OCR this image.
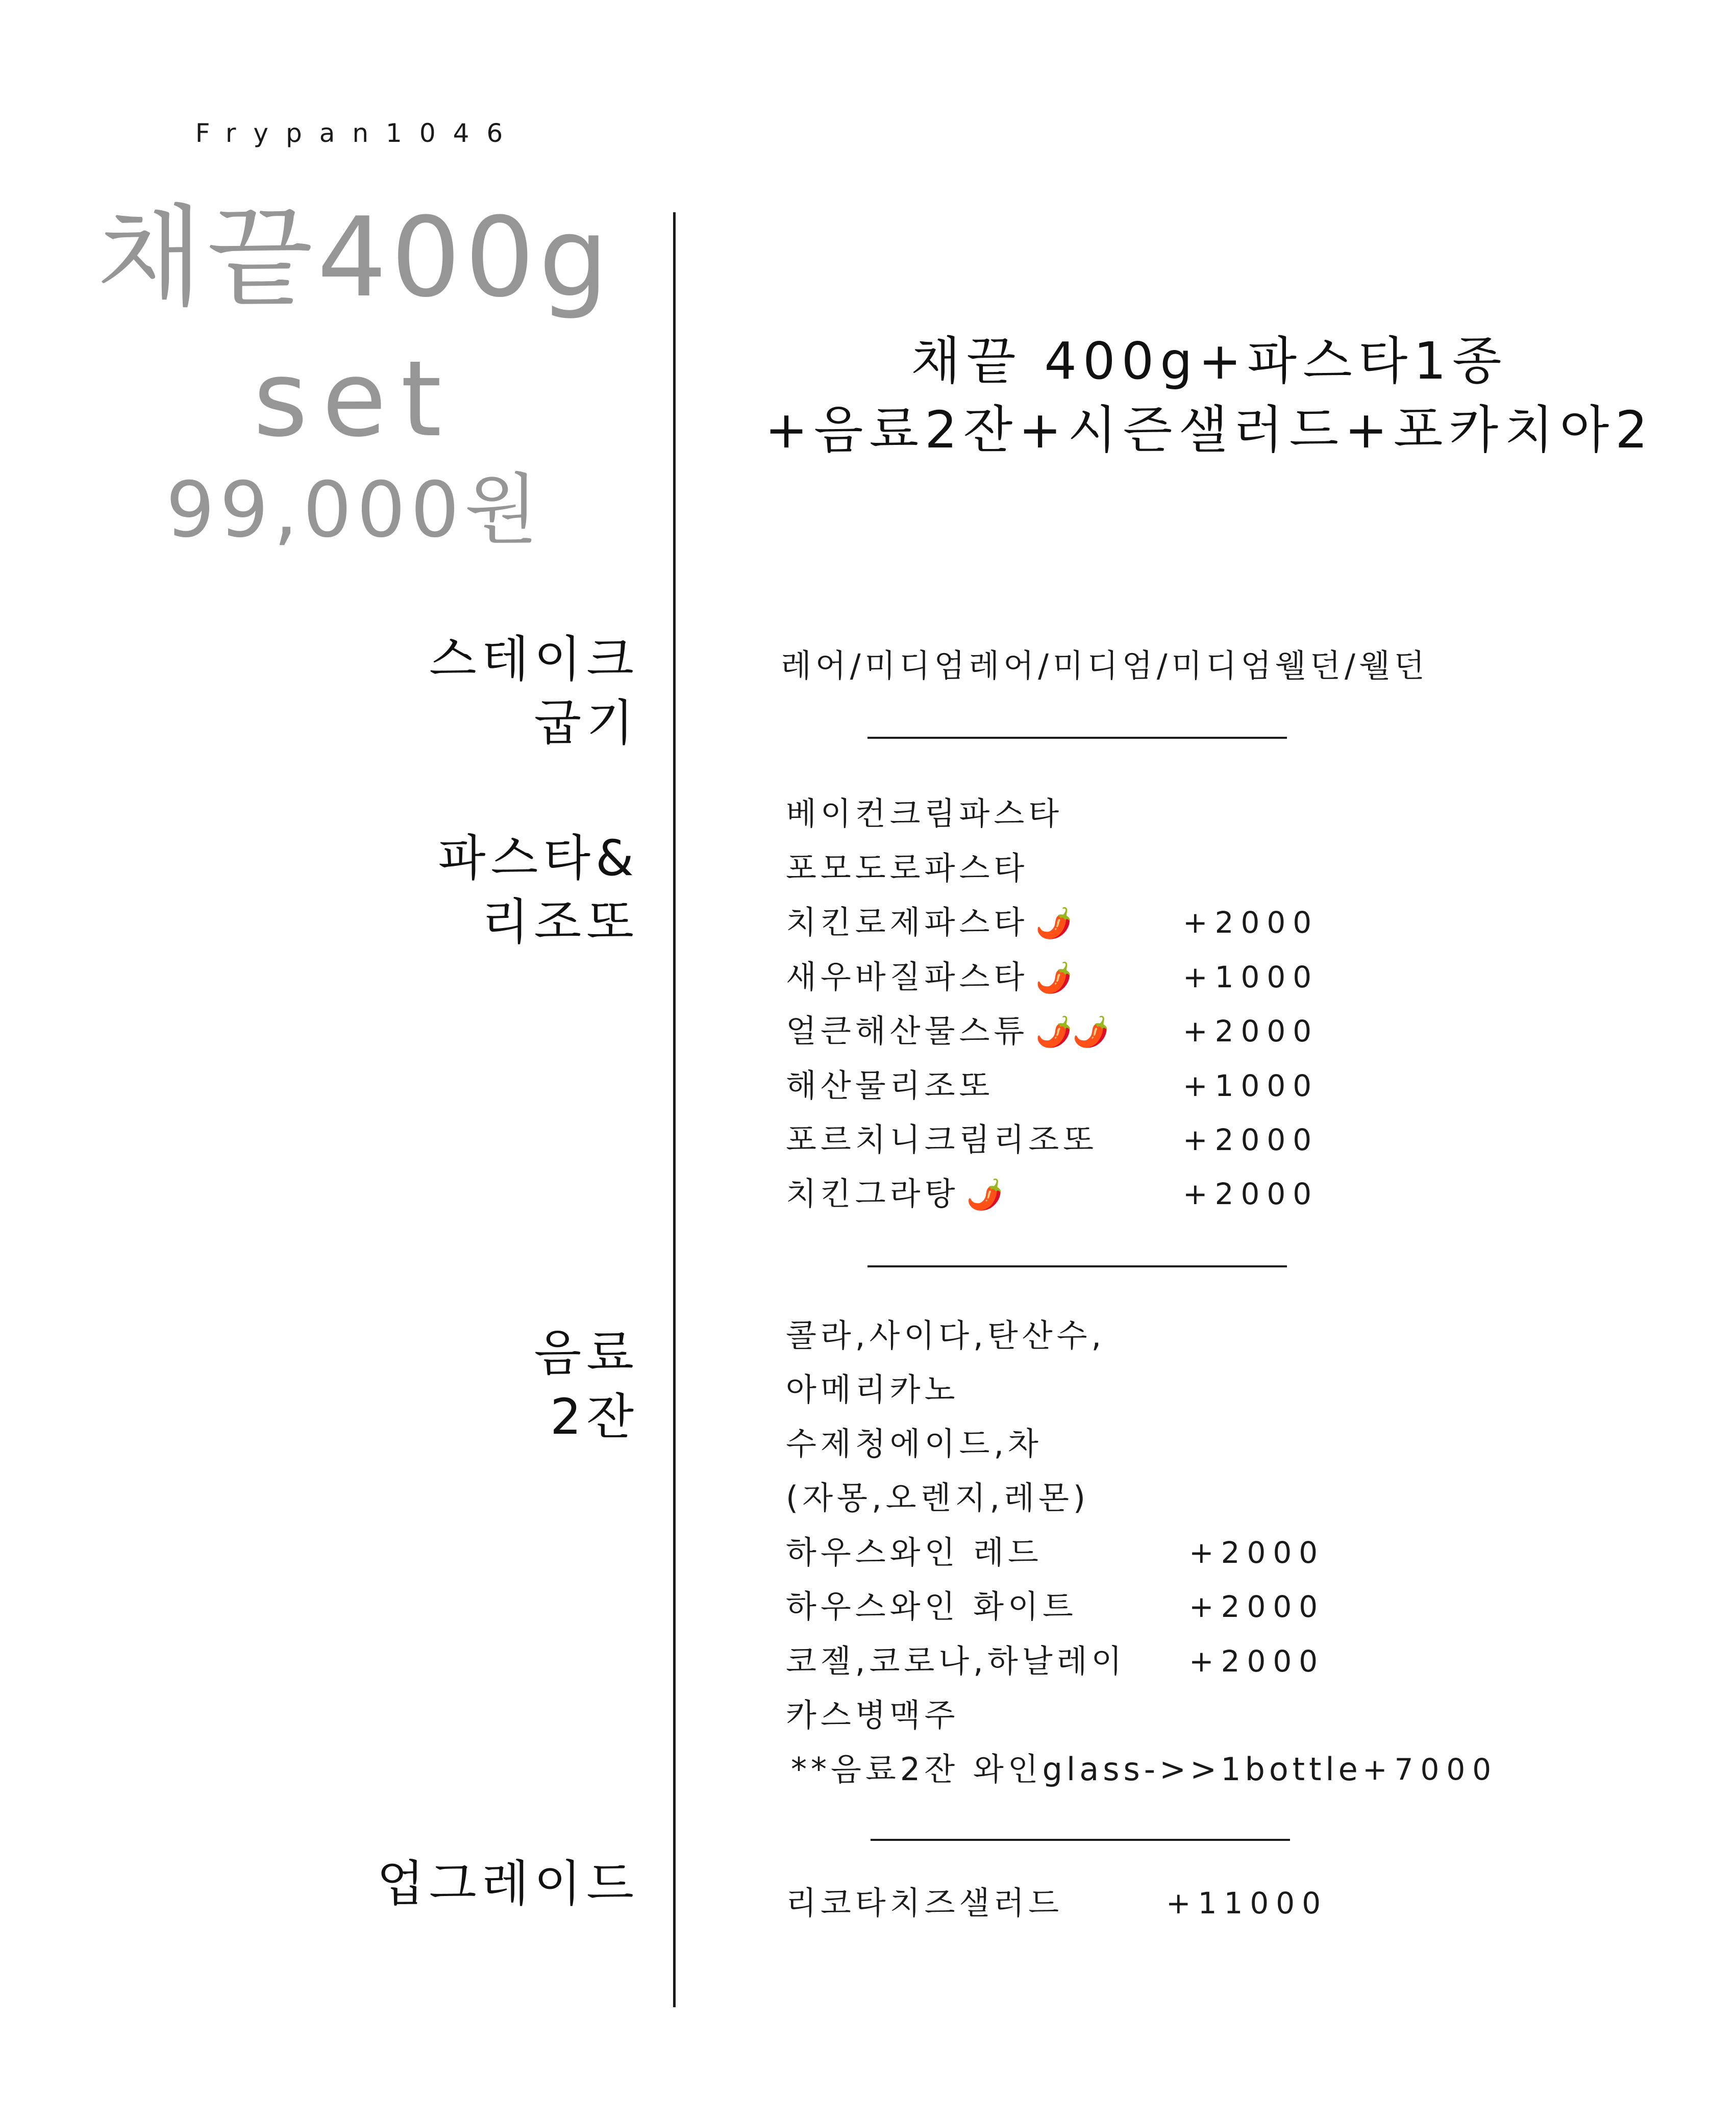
Frypan1046
채끝400g
set
99,000원
채끝 400g+파스타1종
+음료2잔+시즌샐러드+포카치아2
스테이크
굽기
레어/미디엄레어/미디엄/미디엄웰던/웰던
파스타&
리조또
베이컨크림파스타
포모도로파스타
치킨로제파스타 🌶️	+2000
새우바질파스타 🌶️	+1000
얼큰해산물스튜 🌶️🌶️ +2000
해산물리조또	+1000
포르치니크림리조또	+2000
치킨그라탕 🌶️	+2000
음료
2잔
콜라,사이다,탄산수,
아메리카노
수제청에이드,차
(자몽,오렌지,레몬)
하우스와인 레드	+2000
하우스와인 화이트	+2000
코젤,코로나,하날레이 +2000
카스병맥주
**음료2잔 와인glass->>1bottle +7000
업그레이드	리코타치즈샐러드	+11000
